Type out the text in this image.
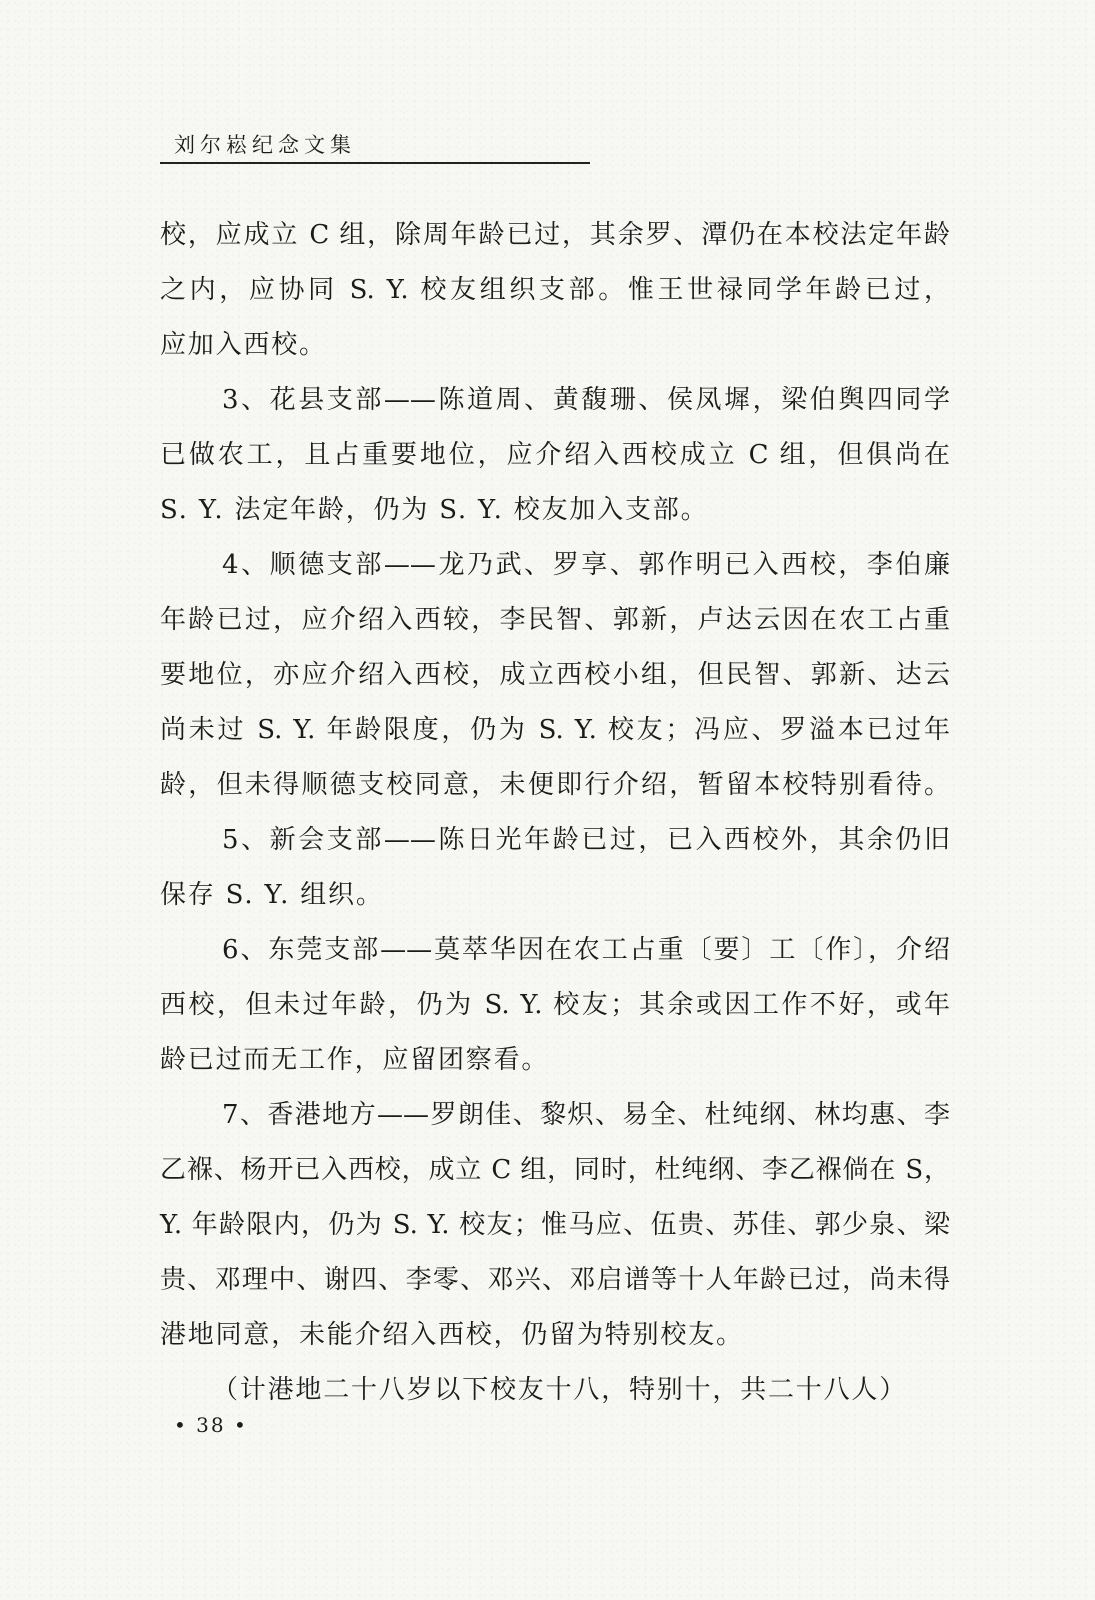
刘尔崧纪念文集
校，应成立 C 组，除周年龄已过，其余罗、潭仍在本校法定年龄
之内，应协同 S. Y. 校友组织支部。惟王世禄同学年龄已过，
应加入西校。
3、花县支部——陈道周、黄馥珊、侯凤墀，梁伯舆四同学
已做农工，且占重要地位，应介绍入西校成立 C 组，但俱尚在
S. Y. 法定年龄，仍为 S. Y. 校友加入支部。
4、顺德支部——龙乃武、罗享、郭作明已入西校，李伯廉
年龄已过，应介绍入西较，李民智、郭新，卢达云因在农工占重
要地位，亦应介绍入西校，成立西校小组，但民智、郭新、达云
尚未过 S. Y. 年龄限度，仍为 S. Y. 校友；冯应、罗溢本已过年
龄，但未得顺德支校同意，未便即行介绍，暂留本校特别看待。
5、新会支部——陈日光年龄已过，已入西校外，其余仍旧
保存 S. Y. 组织。
6、东莞支部——莫萃华因在农工占重〔要〕工〔作〕，介绍
西校，但未过年龄，仍为 S. Y. 校友；其余或因工作不好，或年
龄已过而无工作，应留团察看。
7、香港地方——罗朗佳、黎炽、易全、杜纯纲、林均惠、李
乙褓、杨开已入西校，成立 C 组，同时，杜纯纲、李乙褓倘在 S，
Y. 年龄限内，仍为 S. Y. 校友；惟马应、伍贵、苏佳、郭少泉、梁
贵、邓理中、谢四、李零、邓兴、邓启谱等十人年龄已过，尚未得
港地同意，未能介绍入西校，仍留为特别校友。
（计港地二十八岁以下校友十八，特别十，共二十八人）
• 38 •
